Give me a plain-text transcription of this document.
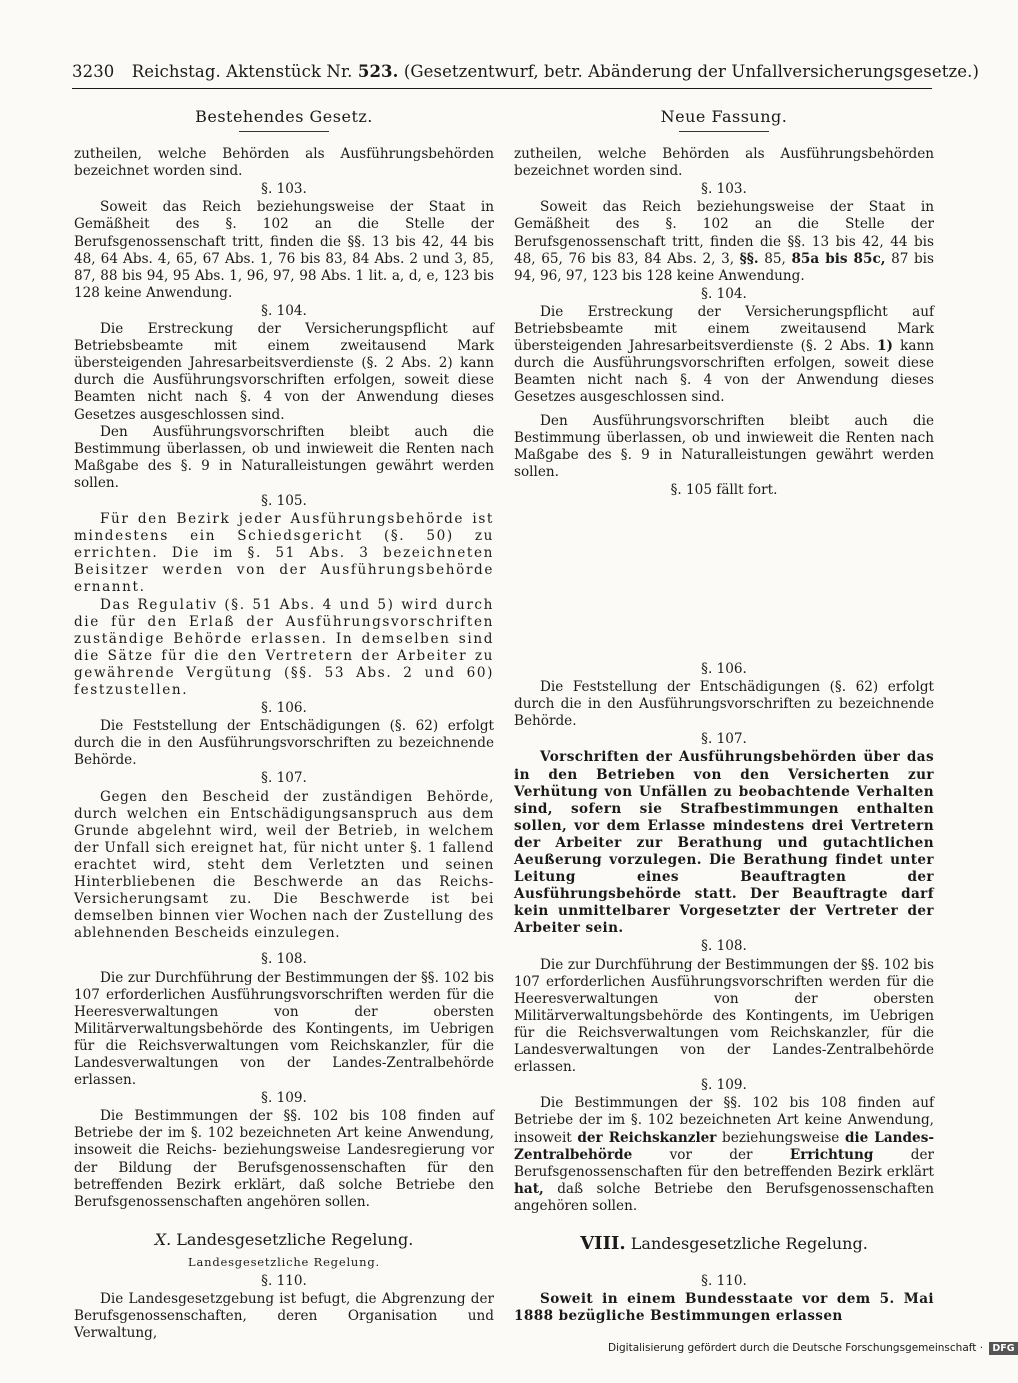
3230 Reichstag. Aktenstück Nr. 523. (Gesetzentwurf, betr. Abänderung der Unfallversicherungsgesetze.)
Bestehendes Gesetz.

zutheilen, welche Behörden als Ausführungsbehörden bezeichnet worden sind.

§. 103.

Soweit das Reich beziehungsweise der Staat in Gemäßheit des §. 102 an die Stelle der Berufsgenossenschaft tritt, finden die §§. 13 bis 42, 44 bis 48, 64 Abs. 4, 65, 67 Abs. 1, 76 bis 83, 84 Abs. 2 und 3, 85, 87, 88 bis 94, 95 Abs. 1, 96, 97, 98 Abs. 1 lit. a, d, e, 123 bis 128 keine Anwendung.

§. 104.

Die Erstreckung der Versicherungspflicht auf Betriebsbeamte mit einem zweitausend Mark übersteigenden Jahresarbeitsverdienste (§. 2 Abs. 2) kann durch die Ausführungsvorschriften erfolgen, soweit diese Beamten nicht nach §. 4 von der Anwendung dieses Gesetzes ausgeschlossen sind.

Den Ausführungsvorschriften bleibt auch die Bestimmung überlassen, ob und inwieweit die Renten nach Maßgabe des §. 9 in Naturalleistungen gewährt werden sollen.

§. 105.

Für den Bezirk jeder Ausführungsbehörde ist mindestens ein Schiedsgericht (§. 50) zu errichten. Die im §. 51 Abs. 3 bezeichneten Beisitzer werden von der Ausführungsbehörde ernannt.

Das Regulativ (§. 51 Abs. 4 und 5) wird durch die für den Erlaß der Ausführungsvorschriften zuständige Behörde erlassen. In demselben sind die Sätze für die den Vertretern der Arbeiter zu gewährende Vergütung (§§. 53 Abs. 2 und 60) festzustellen.

§. 106.

Die Feststellung der Entschädigungen (§. 62) erfolgt durch die in den Ausführungsvorschriften zu bezeichnende Behörde.

§. 107.

Gegen den Bescheid der zuständigen Behörde, durch welchen ein Entschädigungsanspruch aus dem Grunde abgelehnt wird, weil der Betrieb, in welchem der Unfall sich ereignet hat, für nicht unter §. 1 fallend erachtet wird, steht dem Verletzten und seinen Hinterbliebenen die Beschwerde an das Reichs-Versicherungsamt zu. Die Beschwerde ist bei demselben binnen vier Wochen nach der Zustellung des ablehnenden Bescheids einzulegen.

§. 108.

Die zur Durchführung der Bestimmungen der §§. 102 bis 107 erforderlichen Ausführungsvorschriften werden für die Heeresverwaltungen von der obersten Militärverwaltungsbehörde des Kontingents, im Uebrigen für die Reichsverwaltungen vom Reichskanzler, für die Landesverwaltungen von der Landes-Zentralbehörde erlassen.

§. 109.

Die Bestimmungen der §§. 102 bis 108 finden auf Betriebe der im §. 102 bezeichneten Art keine Anwendung, insoweit die Reichs- beziehungsweise Landesregierung vor der Bildung der Berufsgenossenschaften für den betreffenden Bezirk erklärt, daß solche Betriebe den Berufsgenossenschaften angehören sollen.

X. Landesgesetzliche Regelung.
Landesgesetzliche Regelung.
§. 110.

Die Landesgesetzgebung ist befugt, die Abgrenzung der Berufsgenossenschaften, deren Organisation und Verwaltung,

Neue Fassung.

zutheilen, welche Behörden als Ausführungsbehörden bezeichnet worden sind.

§. 103.

Soweit das Reich beziehungsweise der Staat in Gemäßheit des §. 102 an die Stelle der Berufsgenossenschaft tritt, finden die §§. 13 bis 42, 44 bis 48, 65, 76 bis 83, 84 Abs. 2, 3, §§. 85, 85a bis 85c, 87 bis 94, 96, 97, 123 bis 128 keine Anwendung.

§. 104.

Die Erstreckung der Versicherungspflicht auf Betriebsbeamte mit einem zweitausend Mark übersteigenden Jahresarbeitsverdienste (§. 2 Abs. 1) kann durch die Ausführungsvorschriften erfolgen, soweit diese Beamten nicht nach §. 4 von der Anwendung dieses Gesetzes ausgeschlossen sind.

Den Ausführungsvorschriften bleibt auch die Bestimmung überlassen, ob und inwieweit die Renten nach Maßgabe des §. 9 in Naturalleistungen gewährt werden sollen.

§. 105 fällt fort.
§. 106.

Die Feststellung der Entschädigungen (§. 62) erfolgt durch die in den Ausführungsvorschriften zu bezeichnende Behörde.

§. 107.

Vorschriften der Ausführungsbehörden über das in den Betrieben von den Versicherten zur Verhütung von Unfällen zu beobachtende Verhalten sind, sofern sie Strafbestimmungen enthalten sollen, vor dem Erlasse mindestens drei Vertretern der Arbeiter zur Berathung und gutachtlichen Aeußerung vorzulegen. Die Berathung findet unter Leitung eines Beauftragten der Ausführungsbehörde statt. Der Beauftragte darf kein unmittelbarer Vorgesetzter der Vertreter der Arbeiter sein.

§. 108.

Die zur Durchführung der Bestimmungen der §§. 102 bis 107 erforderlichen Ausführungsvorschriften werden für die Heeresverwaltungen von der obersten Militärverwaltungsbehörde des Kontingents, im Uebrigen für die Reichsverwaltungen vom Reichskanzler, für die Landesverwaltungen von der Landes-Zentralbehörde erlassen.

§. 109.

Die Bestimmungen der §§. 102 bis 108 finden auf Betriebe der im §. 102 bezeichneten Art keine Anwendung, insoweit der Reichskanzler beziehungsweise die Landes-Zentralbehörde	vor der	Errichtung	der Berufsgenossenschaften für den betreffenden Bezirk erklärt hat, daß solche Betriebe den Berufsgenossenschaften angehören sollen.

VIII. Landesgesetzliche Regelung.
§. 110.

Soweit in einem Bundesstaate vor dem 5. Mai 1888 bezügliche Bestimmungen erlassen

Digitalisierung gefördert durch die Deutsche Forschungsgemeinschaft · DFG
